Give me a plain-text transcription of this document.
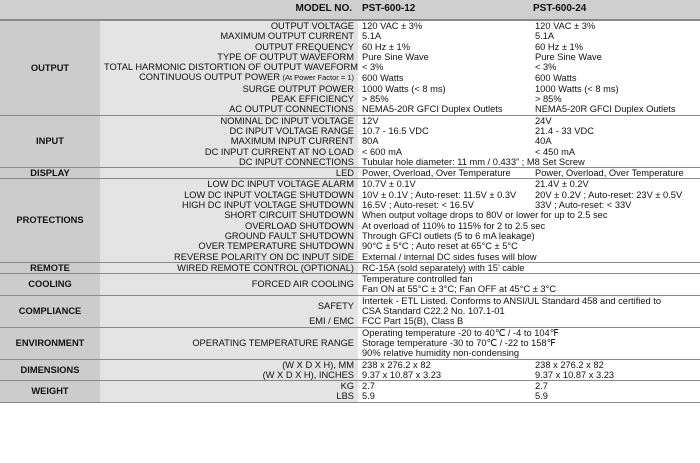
	MODEL NO.	PST-600-12	PST-600-24
OUTPUT	OUTPUT VOLTAGE	120 VAC ± 3%	120 VAC ± 3%
	MAXIMUM OUTPUT CURRENT	5.1A	5.1A
	OUTPUT FREQUENCY	60 Hz ± 1%	60 Hz ± 1%
	TYPE OF OUTPUT WAVEFORM	Pure Sine Wave	Pure Sine Wave
	TOTAL HARMONIC DISTORTION OF OUTPUT WAVEFORM	< 3%	< 3%
	CONTINUOUS OUTPUT POWER (At Power Factor = 1)	600 Watts	600 Watts
	SURGE OUTPUT POWER	1000 Watts (< 8 ms)	1000 Watts (< 8 ms)
	PEAK EFFICIENCY	> 85%	> 85%
	AC OUTPUT CONNECTIONS	NEMA5-20R GFCI Duplex Outlets	NEMA5-20R GFCI Duplex Outlets
INPUT	NOMINAL DC INPUT VOLTAGE	12V	24V
	DC INPUT VOLTAGE RANGE	10.7 - 16.5 VDC	21.4 - 33 VDC
	MAXIMUM INPUT CURRENT	80A	40A
	DC INPUT CURRENT AT NO LOAD	< 600 mA	< 450 mA
	DC INPUT CONNECTIONS	Tubular hole diameter: 11 mm / 0.433” ; M8 Set Screw	
DISPLAY	LED	Power, Overload, Over Temperature	Power, Overload, Over Temperature
PROTECTIONS	LOW DC INPUT VOLTAGE ALARM	10.7V ± 0.1V	21.4V ± 0.2V
	LOW DC INPUT VOLTAGE SHUTDOWN	10V ± 0.1V ; Auto-reset: 11.5V ± 0.3V	20V ± 0.2V ; Auto-reset: 23V ± 0.5V
	HIGH DC INPUT VOLTAGE SHUTDOWN	16.5V ; Auto-reset: < 16.5V	33V ; Auto-reset: < 33V
	SHORT CIRCUIT SHUTDOWN	When output voltage drops to 80V or lower for up to 2.5 sec	
	OVERLOAD SHUTDOWN	At overload of 110% to 115% for 2 to 2.5 sec	
	GROUND FAULT SHUTDOWN	Through GFCI outlets (5 to 6 mA leakage)	
	OVER TEMPERATURE SHUTDOWN	90°C ± 5°C ; Auto reset at 65°C ± 5°C	
	REVERSE POLARITY ON DC INPUT SIDE	External / internal DC sides fuses will blow	
REMOTE	WIRED REMOTE CONTROL (OPTIONAL)	RC-15A (sold separately) with 15’ cable	
COOLING	FORCED AIR COOLING	Temperature controlled fan
Fan ON at 55°C ± 3°C; Fan OFF at 45°C ± 3°C	

COMPLIANCE	SAFETY	Intertek - ETL Listed. Conforms to ANSI/UL Standard 458 and certified to
CSA Standard C22.2 No. 107.1-01	

	EMI / EMC	FCC Part 15(B), Class B	
ENVIRONMENT	OPERATING TEMPERATURE RANGE	Operating temperature -20 to 40℃ / -4 to 104℉
Storage temperature -30 to 70℃ / -22 to 158℉
90% relative humidity non-condensing	

DIMENSIONS	(W X D X H), MM	238 x 276.2 x 82	238 x 276.2 x 82
	(W X D X H), INCHES	9.37 x 10.87 x 3.23	9.37 x 10.87 x 3.23
WEIGHT	KG	2.7	2.7
	LBS	5.9	5.9
